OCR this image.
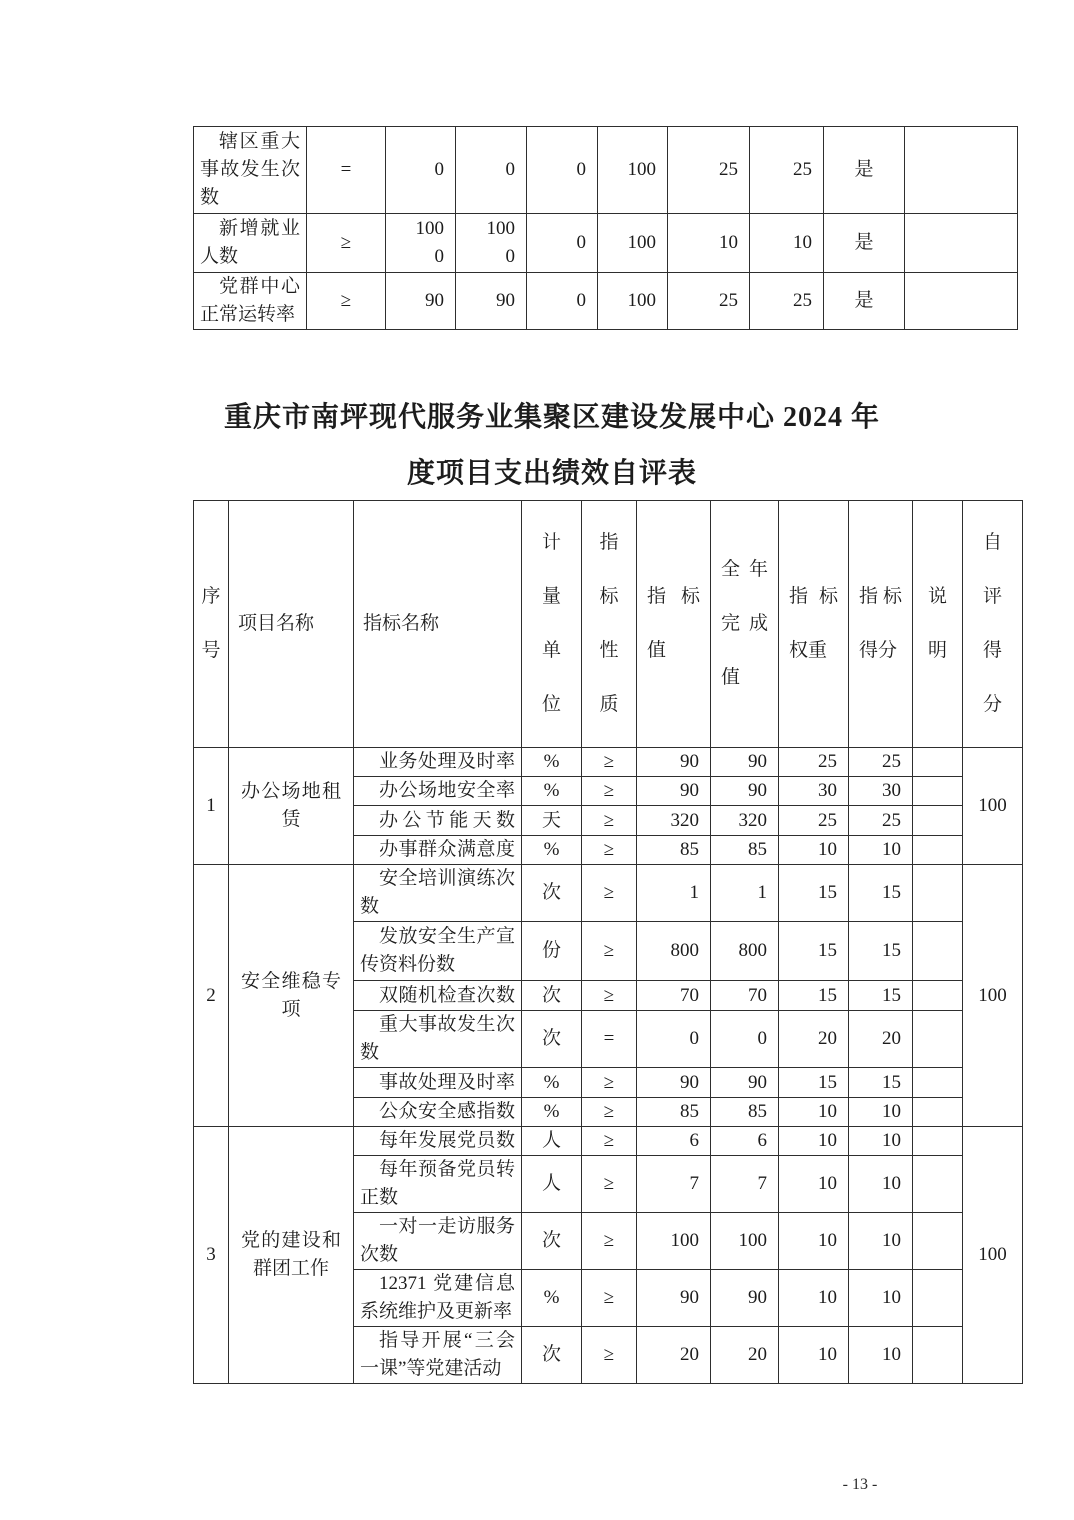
辖区重大事故发生次数	=	0	0	0	100	25	25	是	

新增就业人数	≥	1000	1000	0	100	10	10	是	

党群中心正常运转率	≥	90	90	0	100	25	25	是	
重庆市南坪现代服务业集聚区建设发展中心 2024 年
度项目支出绩效自评表
序号	项目名称	指标名称	计量单位	指标性质	指标值	全年完成值	指标权重	指标得分	说明	自评得分

1	办公场地租赁	业务处理及时率	%	≥	90	90	25	25		100

		办公场地安全率	%	≥	90	90	30	30		

		办公节能天数	天	≥	320	320	25	25		

		办事群众满意度	%	≥	85	85	10	10		
2	安全维稳专项	安全培训演练次数	次	≥	1	1	15	15		100

		发放安全生产宣传资料份数	份	≥	800	800	15	15		

		双随机检查次数	次	≥	70	70	15	15		

		重大事故发生次数	次	=	0	0	20	20		

		事故处理及时率	%	≥	90	90	15	15		

		公众安全感指数	%	≥	85	85	10	10		
3	党的建设和群团工作	每年发展党员数	人	≥	6	6	10	10		100

		每年预备党员转正数	人	≥	7	7	10	10		

		一对一走访服务次数	次	≥	100	100	10	10		

		12371 党建信息系统维护及更新率	%	≥	90	90	10	10		

		指导开展“三会一课”等党建活动	次	≥	20	20	10	10		
- 13 -
